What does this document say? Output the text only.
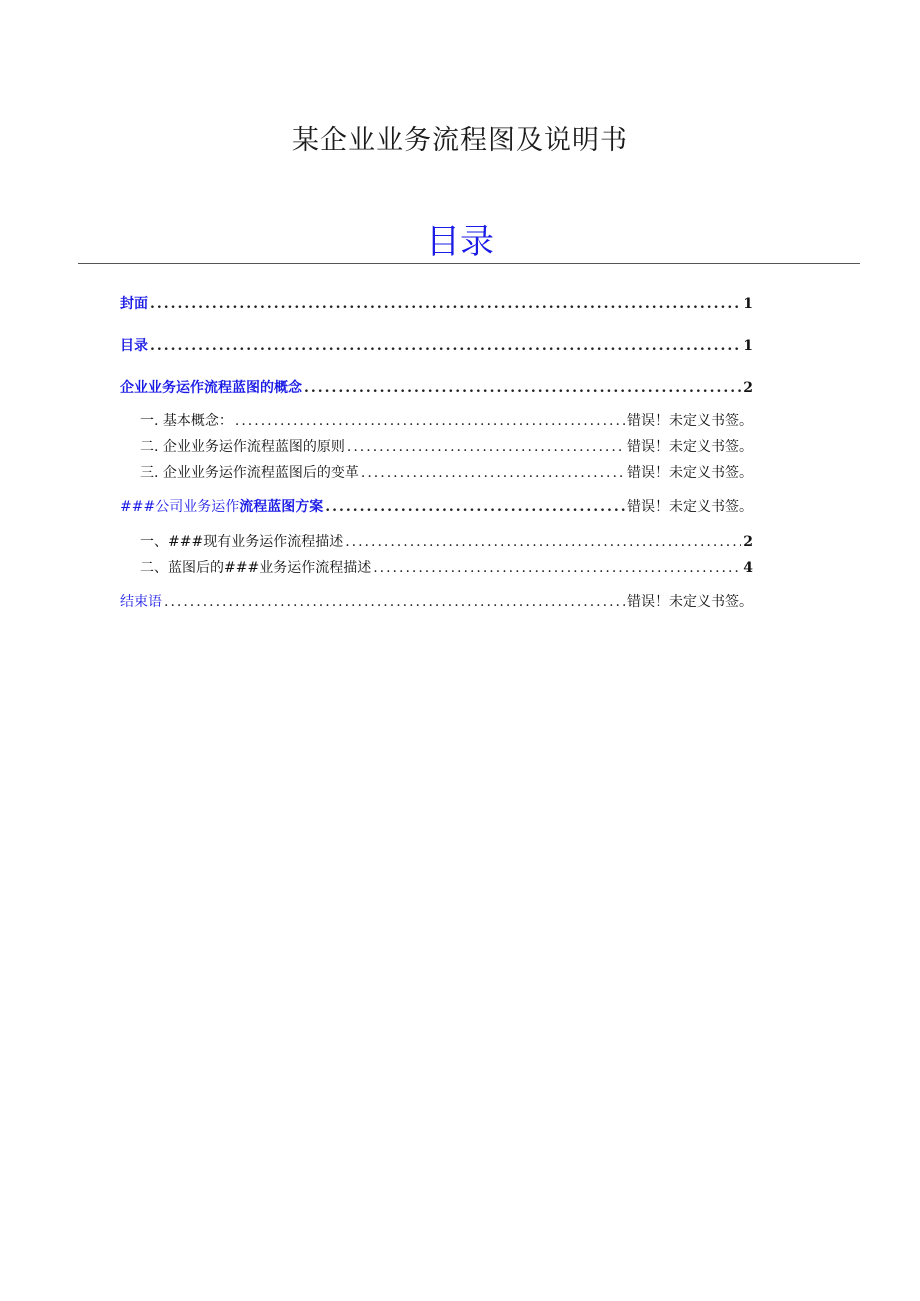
某企业业务流程图及说明书
目录
封面 .....	1
目录 .....	1
企业业务运作流程蓝图的概念 .....	2
一. 基本概念： .....	错误！未定义书签。
二. 企业业务运作流程蓝图的原则 .....	错误！未定义书签。
三. 企业业务运作流程蓝图后的变革 .....	错误！未定义书签。
###公司业务运作流程蓝图方案 .....	错误！未定义书签。
一、###现有业务运作流程描述 .....	2
二、蓝图后的###业务运作流程描述 .....	4
结束语 .....	错误！未定义书签。
